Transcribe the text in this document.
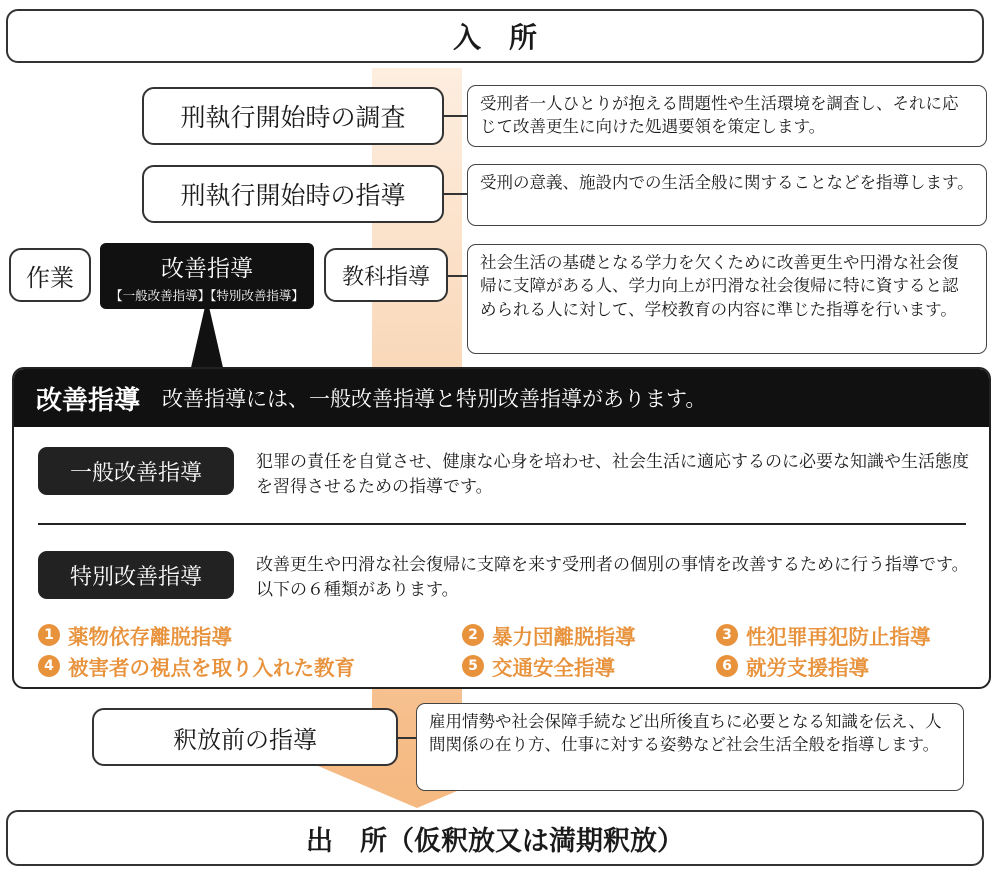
入　所
刑執行開始時の調査	受刑者一人ひとりが抱える問題性や生活環境を調査し、それに応じて改善更生に向けた処遇要領を策定します。
刑執行開始時の指導	受刑の意義、施設内での生活全般に関することなどを指導します。
作業	改善指導
【一般改善指導】【特別改善指導】
教科指導
社会生活の基礎となる学力を欠くために改善更生や円滑な社会復帰に支障がある人、学力向上が円滑な社会復帰に特に資すると認められる人に対して、学校教育の内容に準じた指導を行います。
改善指導 改善指導には、一般改善指導と特別改善指導があります。
一般改善指導	犯罪の責任を自覚させ、健康な心身を培わせ、社会生活に適応するのに必要な知識や生活態度を習得させるための指導です。
特別改善指導	改善更生や円滑な社会復帰に支障を来す受刑者の個別の事情を改善するために行う指導です。以下の６種類があります。
1 薬物依存離脱指導	2 暴力団離脱指導	3 性犯罪再犯防止指導
4 被害者の視点を取り入れた教育	5 交通安全指導	6 就労支援指導
釈放前の指導
雇用情勢や社会保障手続など出所後直ちに必要となる知識を伝え、人間関係の在り方、仕事に対する姿勢など社会生活全般を指導します。
出　所（仮釈放又は満期釈放）
